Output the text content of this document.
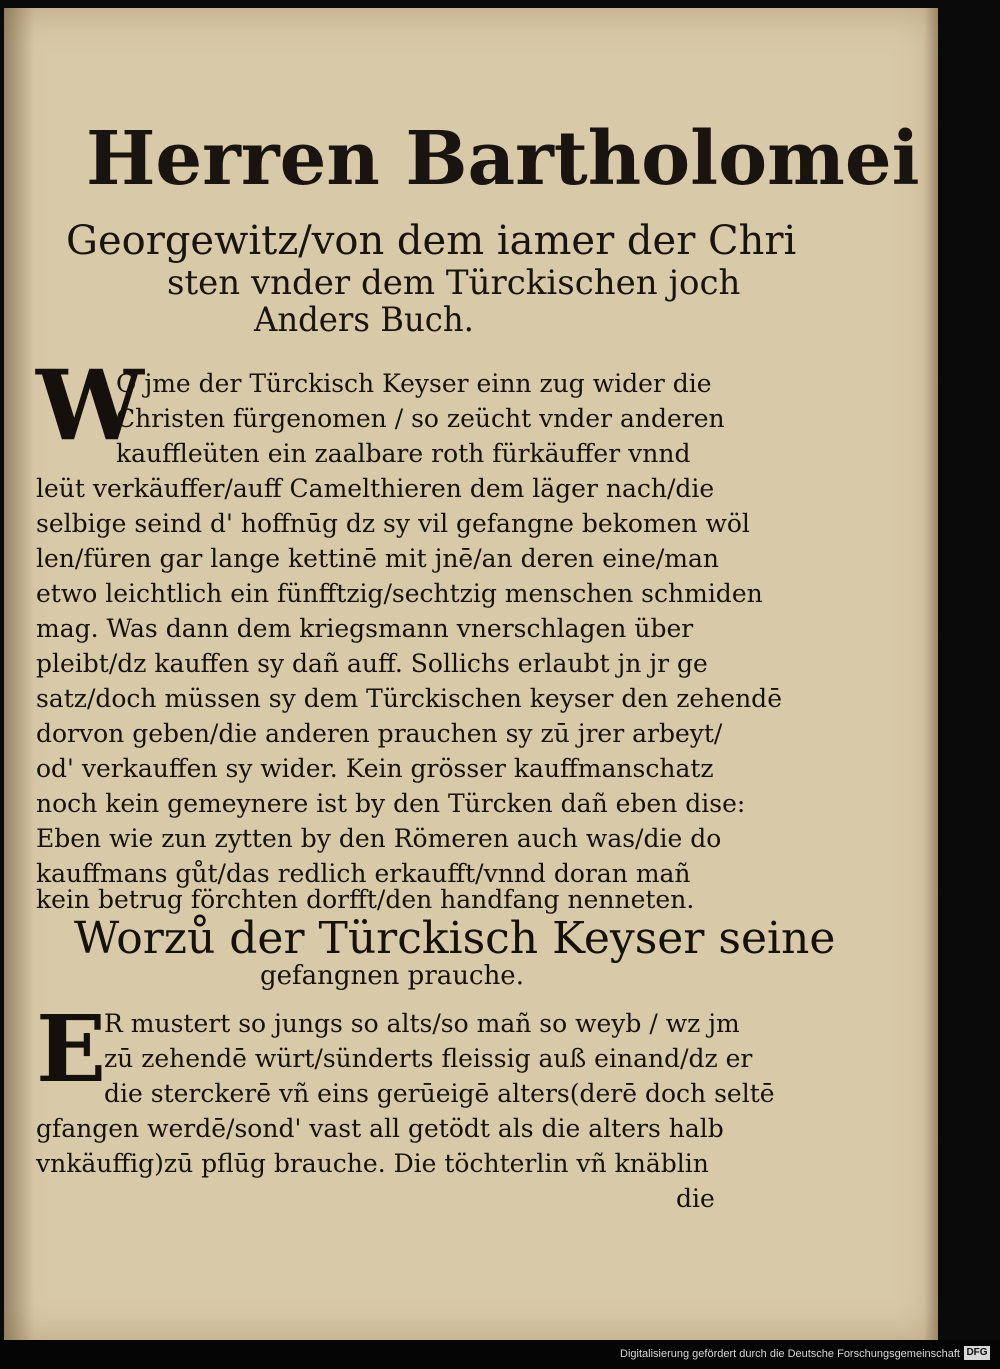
Herren Bartholomei
Georgewitz/von dem iamer der Chri
sten vnder dem Türckischen joch
Anders Buch.
W
O jme der Türckisch Keyser einn zug wider die
Christen fürgenomen / so zeücht vnder anderen
kauffleüten ein zaalbare roth fürkäuffer vnnd
leüt verkäuffer/auff Camelthieren dem läger nach/die
selbige seind d' hoffnūg dz sy vil gefangne bekomen wöl
len/füren gar lange kettinē mit jnē/an deren eine/man
etwo leichtlich ein fünfftzig/sechtzig menschen schmiden
mag. Was dann dem kriegsmann vnerschlagen über
pleibt/dz kauffen sy dañ auff. Sollichs erlaubt jn jr ge
satz/doch müssen sy dem Türckischen keyser den zehendē
dorvon geben/die anderen prauchen sy zū jrer arbeyt/
od' verkauffen sy wider. Kein grösser kauffmanschatz
noch kein gemeynere ist by den Türcken dañ eben dise:
Eben wie zun zytten by den Römeren auch was/die do
kauffmans gůt/das redlich erkaufft/vnnd doran mañ
kein betrug förchten dorfft/den handfang nenneten.
Worzů der Türckisch Keyser seine
gefangnen prauche.
E
R mustert so jungs so alts/so mañ so weyb / wz jm
zū zehendē würt/sünderts fleissig auß einand/dz er
die sterckerē vñ eins gerūeigē alters(derē doch seltē
gfangen werdē/sond' vast all getödt als die alters halb
vnkäuffig)zū pflūg brauche. Die töchterlin vñ knäblin
die
Digitalisierung gefördert durch die Deutsche Forschungsgemeinschaft DFG
